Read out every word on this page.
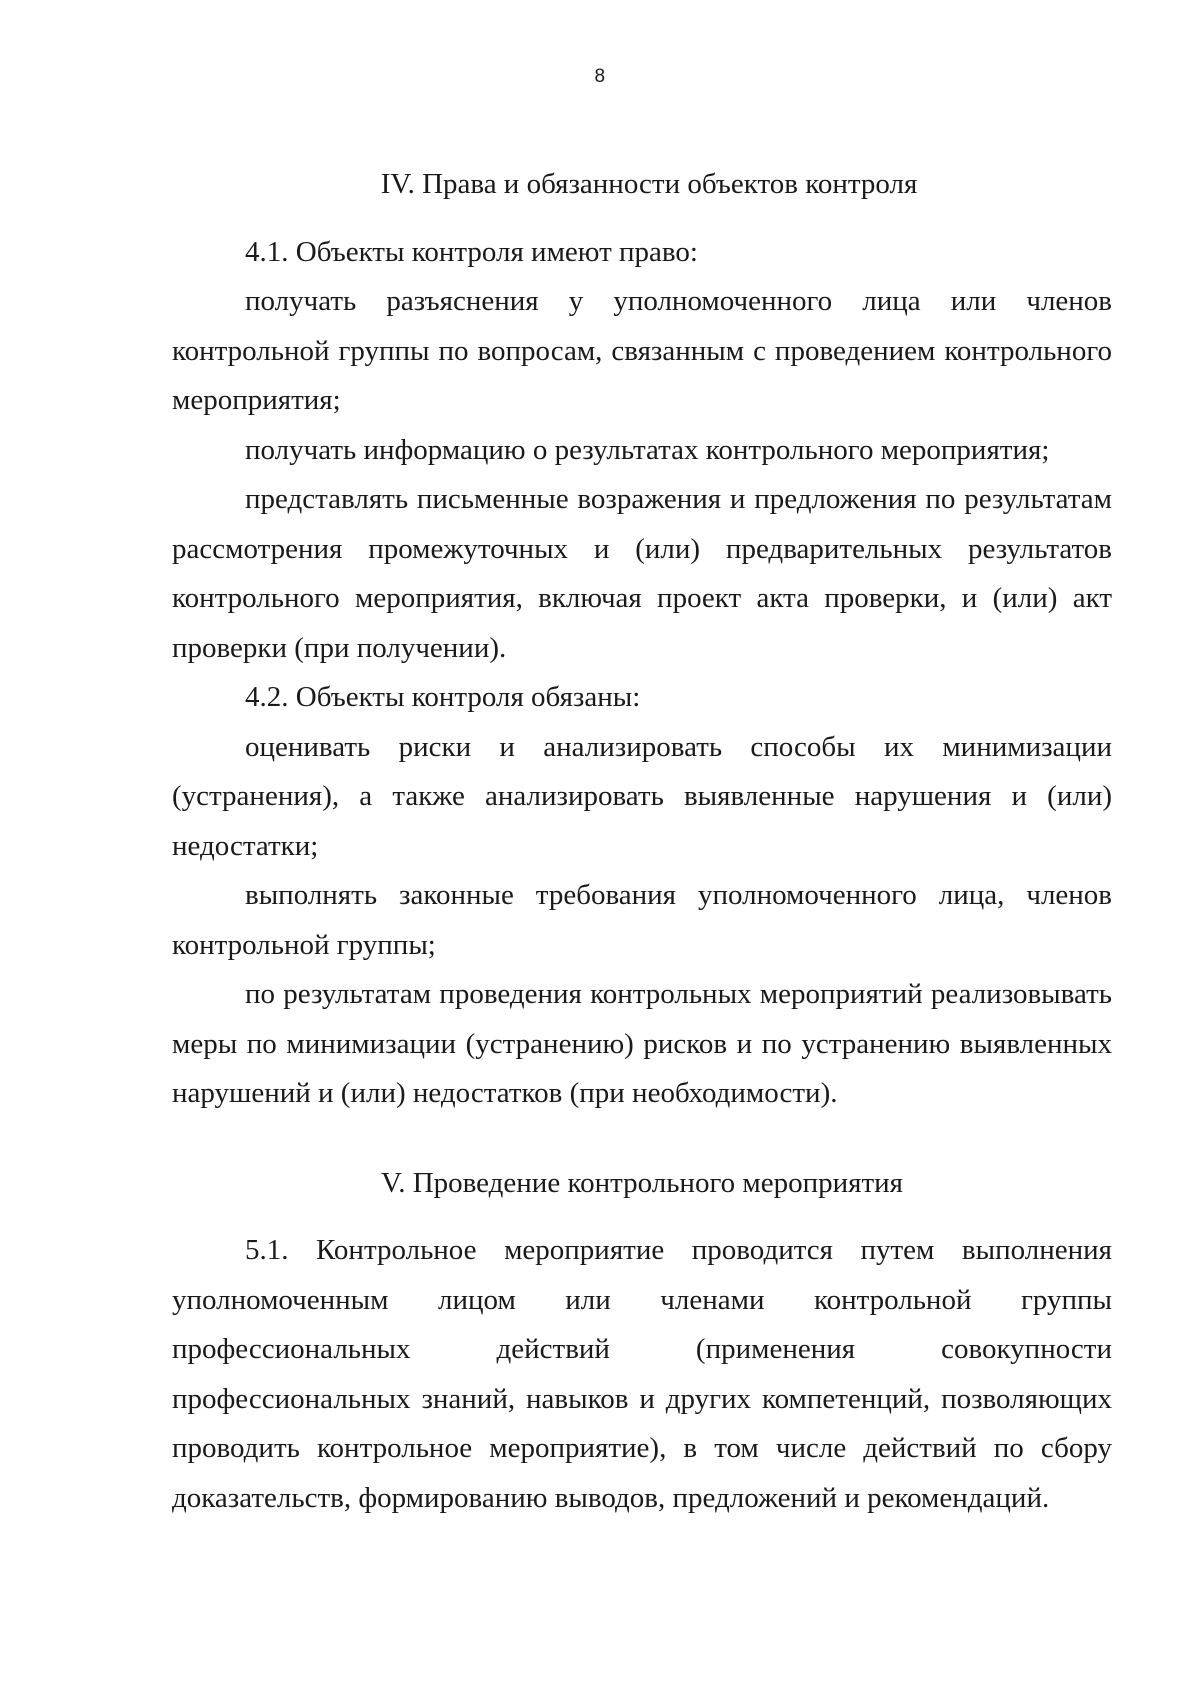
8
IV. Права и обязанности объектов контроля

4.1. Объекты контроля имеют право:

получать разъяснения у уполномоченного лица или членов контрольной группы по вопросам, связанным с проведением контрольного мероприятия;

получать информацию о результатах контрольного мероприятия;

представлять письменные возражения и предложения по результатам рассмотрения промежуточных и (или) предварительных результатов контрольного мероприятия, включая проект акта проверки, и (или) акт проверки (при получении).

4.2. Объекты контроля обязаны:

оценивать риски и анализировать способы их минимизации (устранения), а также анализировать выявленные нарушения и (или) недостатки;

выполнять законные требования уполномоченного лица, членов контрольной группы;

по результатам проведения контрольных мероприятий реализовывать меры по минимизации (устранению) рисков и по устранению выявленных нарушений и (или) недостатков (при необходимости).

V. Проведение контрольного мероприятия

5.1. Контрольное мероприятие проводится путем выполнения уполномоченным лицом или членами контрольной группы профессиональных действий (применения совокупности профессиональных знаний, навыков и других компетенций, позволяющих проводить контрольное мероприятие), в том числе действий по сбору доказательств, формированию выводов, предложений и рекомендаций.
